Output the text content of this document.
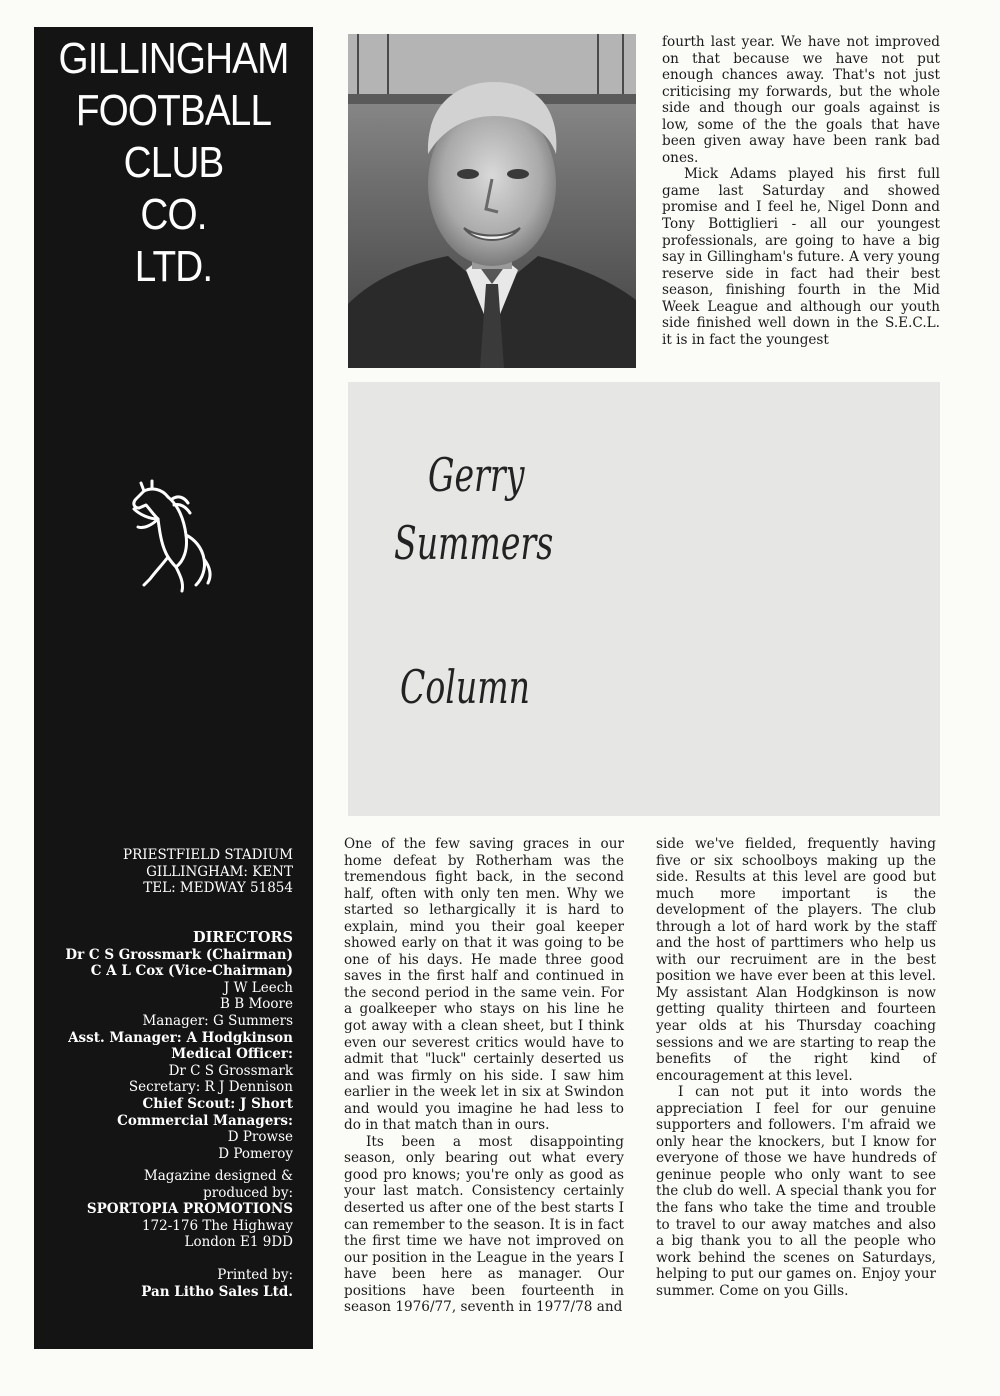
GILLINGHAM
FOOTBALL
CLUB
CO.
LTD.
PRIESTFIELD STADIUM
GILLINGHAM: KENT
TEL: MEDWAY 51854
DIRECTORS
Dr C S Grossmark (Chairman)
C A L Cox (Vice-Chairman)
J W Leech
B B Moore
Manager: G Summers
Asst. Manager: A Hodgkinson
Medical Officer:
Dr C S Grossmark
Secretary: R J Dennison
Chief Scout: J Short
Commercial Managers:
D Prowse
D Pomeroy
Magazine designed &
produced by:
SPORTOPIA PROMOTIONS
172-176 The Highway
London E1 9DD
Printed by:
Pan Litho Sales Ltd.
Gerry
Summers
Column

fourth last year. We have not improved on that because we have not put enough chances away. That's not just criticising my forwards, but the whole side and though our goals against is low, some of the the goals that have been given away have been rank bad ones.

Mick Adams played his first full game last Saturday and showed promise and I feel he, Nigel Donn and Tony Bottiglieri - all our youngest professionals, are going to have a big say in Gillingham's future. A very young reserve side in fact had their best season, finishing fourth in the Mid Week League and although our youth side finished well down in the S.E.C.L. it is in fact the youngest

One of the few saving graces in our home defeat by Rotherham was the tremendous fight back, in the second half, often with only ten men. Why we started so lethargically it is hard to explain, mind you their goal keeper showed early on that it was going to be one of his days. He made three good saves in the first half and continued in the second period in the same vein. For a goalkeeper who stays on his line he got away with a clean sheet, but I think even our severest critics would have to admit that "luck" certainly deserted us and was firmly on his side. I saw him earlier in the week let in six at Swindon and would you imagine he had less to do in that match than in ours.

Its been a most disappointing season, only bearing out what every good pro knows; you're only as good as your last match. Consistency certainly deserted us after one of the best starts I can remember to the season. It is in fact the first time we have not improved on our position in the League in the years I have been here as manager. Our positions have been fourteenth in season 1976/77, seventh in 1977/78 and

side we've fielded, frequently having five or six schoolboys making up the side. Results at this level are good but much more important is the development of the players. The club through a lot of hard work by the staff and the host of parttimers who help us with our recruiment are in the best position we have ever been at this level. My assistant Alan Hodgkinson is now getting quality thirteen and fourteen year olds at his Thursday coaching sessions and we are starting to reap the benefits of the right kind of encouragement at this level.

I can not put it into words the appreciation I feel for our genuine supporters and followers. I'm afraid we only hear the knockers, but I know for everyone of those we have hundreds of geninue people who only want to see the club do well. A special thank you for the fans who take the time and trouble to travel to our away matches and also a big thank you to all the people who work behind the scenes on Saturdays, helping to put our games on. Enjoy your summer. Come on you Gills.
